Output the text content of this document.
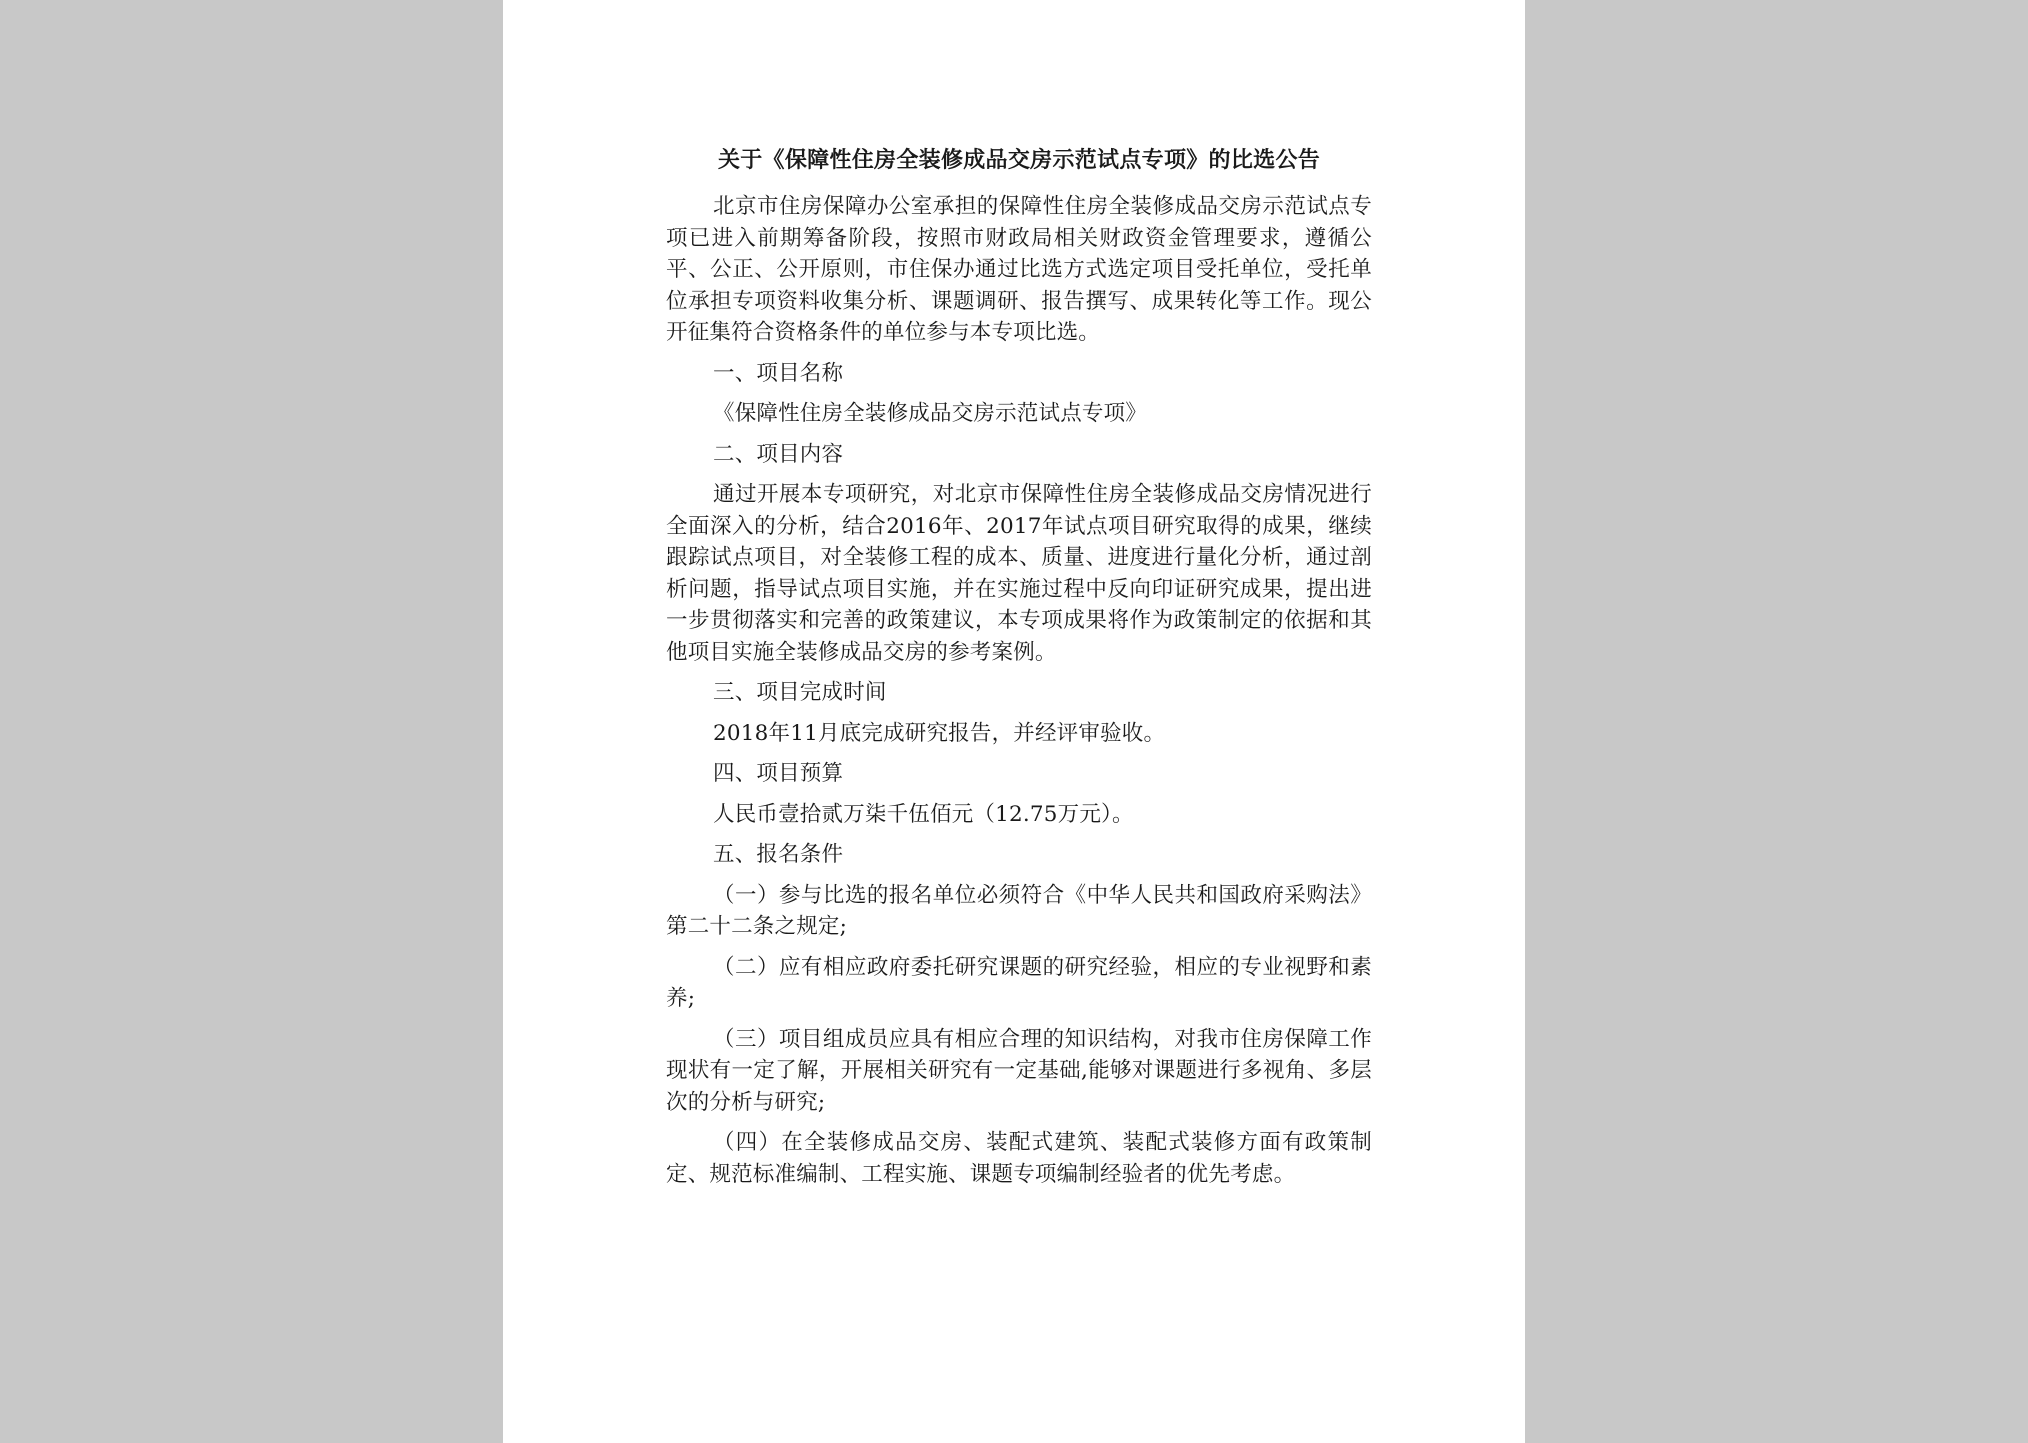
关于《保障性住房全装修成品交房示范试点专项》的比选公告

北京市住房保障办公室承担的保障性住房全装修成品交房示范试点专项已进入前期筹备阶段，按照市财政局相关财政资金管理要求，遵循公平、公正、公开原则，市住保办通过比选方式选定项目受托单位，受托单位承担专项资料收集分析、课题调研、报告撰写、成果转化等工作。现公开征集符合资格条件的单位参与本专项比选。

一、项目名称

《保障性住房全装修成品交房示范试点专项》

二、项目内容

通过开展本专项研究，对北京市保障性住房全装修成品交房情况进行全面深入的分析，结合2016年、2017年试点项目研究取得的成果，继续跟踪试点项目，对全装修工程的成本、质量、进度进行量化分析，通过剖析问题，指导试点项目实施，并在实施过程中反向印证研究成果，提出进一步贯彻落实和完善的政策建议，本专项成果将作为政策制定的依据和其他项目实施全装修成品交房的参考案例。

三、项目完成时间

2018年11月底完成研究报告，并经评审验收。

四、项目预算

人民币壹拾贰万柒千伍佰元（12.75万元）。

五、报名条件

（一）参与比选的报名单位必须符合《中华人民共和国政府采购法》第二十二条之规定;

（二）应有相应政府委托研究课题的研究经验，相应的专业视野和素养;

（三）项目组成员应具有相应合理的知识结构，对我市住房保障工作现状有一定了解，开展相关研究有一定基础,能够对课题进行多视角、多层次的分析与研究;

（四）在全装修成品交房、装配式建筑、装配式装修方面有政策制定、规范标准编制、工程实施、课题专项编制经验者的优先考虑。
